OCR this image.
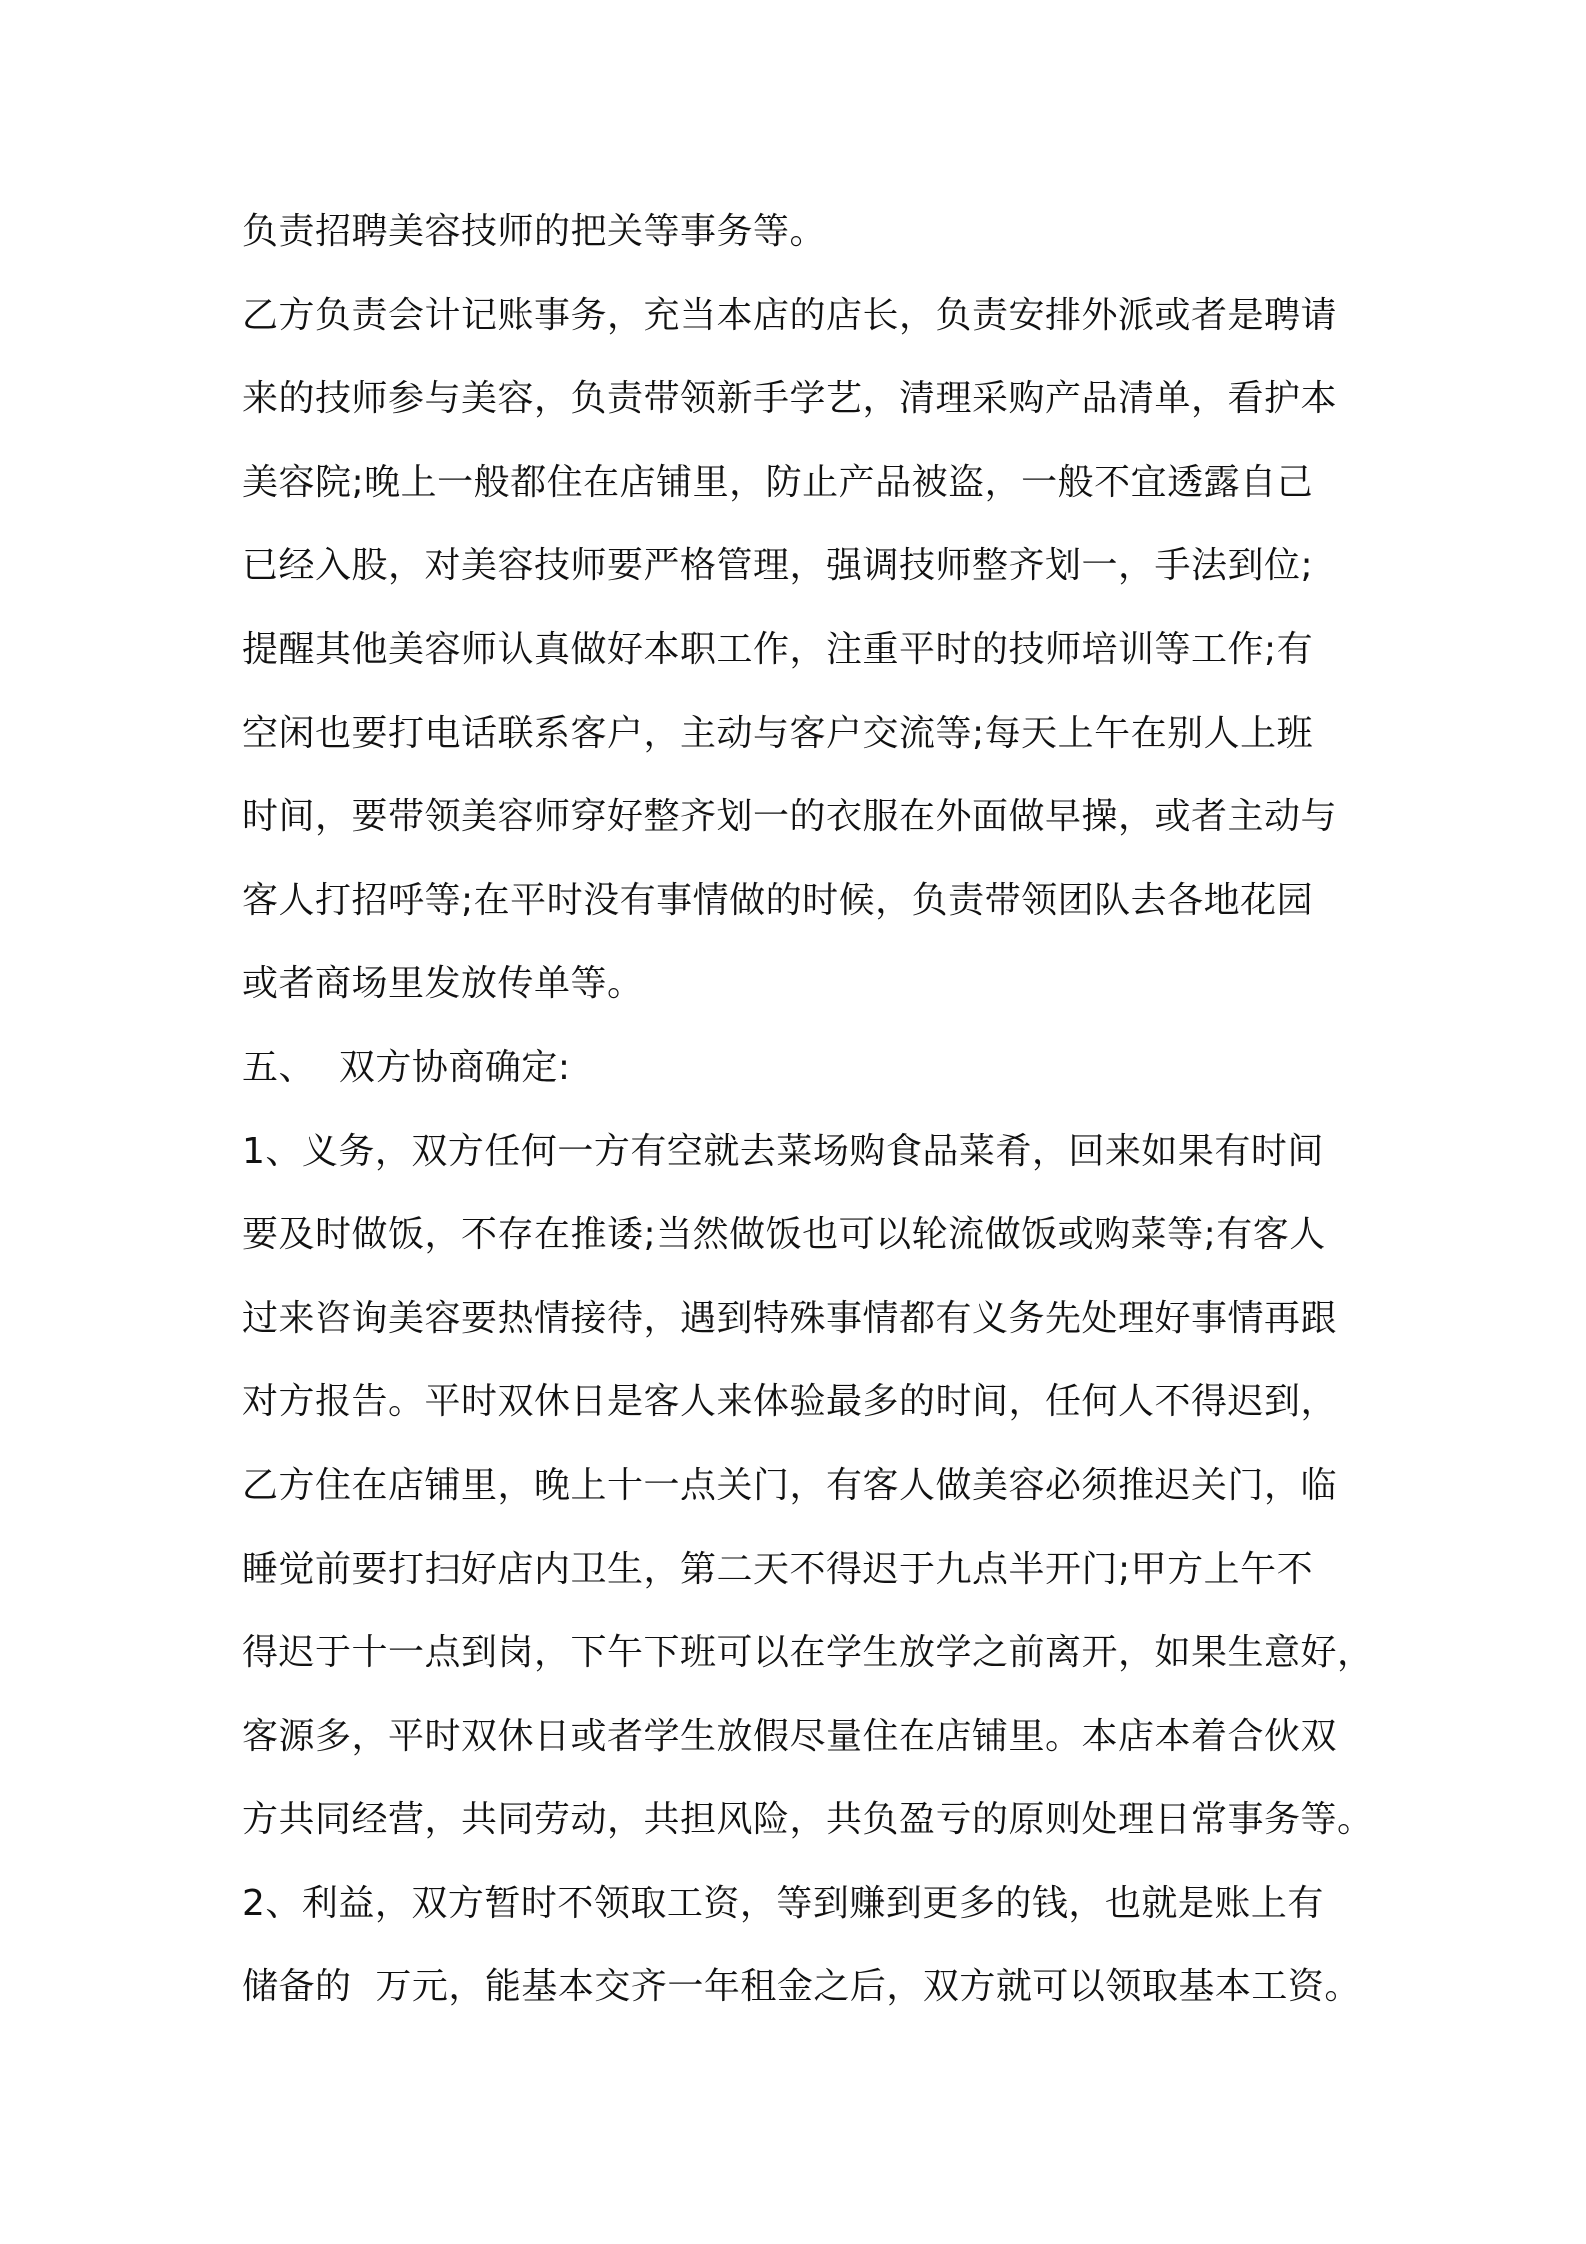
负责招聘美容技师的把关等事务等。
乙方负责会计记账事务，充当本店的店长，负责安排外派或者是聘请
来的技师参与美容，负责带领新手学艺，清理采购产品清单，看护本
美容院;晚上一般都住在店铺里，防止产品被盗，一般不宜透露自己
已经入股，对美容技师要严格管理，强调技师整齐划一，手法到位;
提醒其他美容师认真做好本职工作，注重平时的技师培训等工作;有
空闲也要打电话联系客户，主动与客户交流等;每天上午在别人上班
时间，要带领美容师穿好整齐划一的衣服在外面做早操，或者主动与
客人打招呼等;在平时没有事情做的时候，负责带领团队去各地花园
或者商场里发放传单等。
五、  双方协商确定:
1、义务，双方任何一方有空就去菜场购食品菜肴，回来如果有时间
要及时做饭，不存在推诿;当然做饭也可以轮流做饭或购菜等;有客人
过来咨询美容要热情接待，遇到特殊事情都有义务先处理好事情再跟
对方报告。平时双休日是客人来体验最多的时间，任何人不得迟到，
乙方住在店铺里，晚上十一点关门，有客人做美容必须推迟关门，临
睡觉前要打扫好店内卫生，第二天不得迟于九点半开门;甲方上午不
得迟于十一点到岗，下午下班可以在学生放学之前离开，如果生意好，
客源多，平时双休日或者学生放假尽量住在店铺里。本店本着合伙双
方共同经营，共同劳动，共担风险，共负盈亏的原则处理日常事务等。
2、利益，双方暂时不领取工资，等到赚到更多的钱，也就是账上有
储备的  万元，能基本交齐一年租金之后，双方就可以领取基本工资。
